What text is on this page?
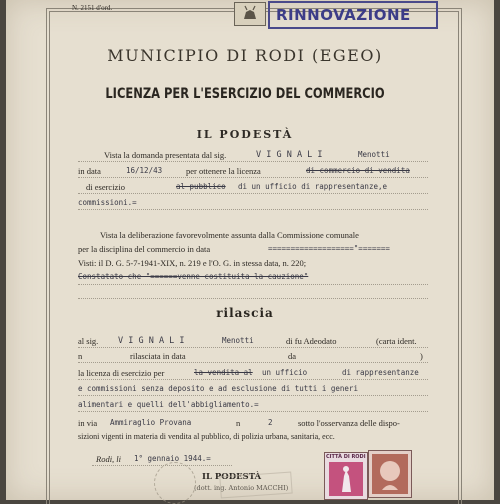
N. 2151 d'ord.	RINNOVAZIONE
MUNICIPIO DI RODI (EGEO)
LICENZA PER L'ESERCIZIO DEL COMMERCIO
IL PODESTÀ
Vista la domanda presentata dal sig.	V I G N A L I	Menotti
in data	16/12/43	per ottenere la licenza	di commercio di vendita
di esercizio	al pubblico di un ufficio di rappresentanze,e
commissioni.=
Vista la deliberazione favorevolmente assunta dalla Commissione comunale
per la disciplina del commercio in data	==================="=======
Visti: il D. G. 5-7-1941-XIX, n. 219 e l'O. G. in stessa data, n. 220;
Constatato che "======venne costituita la cauzione"
rilascia
al sig. V I G N A L I	Menotti	di fu Adeodato	(carta ident.
n	rilasciata in data	da	)
la licenza di esercizio per	la vendita al un ufficio	di rappresentanze
e commissioni senza deposito e ad esclusione di tutti i generi
alimentari e quelli dell'abbigliamento.=
in via Ammiraglio Provana	n	2	sotto l'osservanza delle dispo-
sizioni vigenti in materia di vendita al pubblico, di polizia urbana, sanitaria, ecc.
Rodi, li 1° gennaio 1944.=
IL PODESTÀ
(dott. ing. Antonio MACCHI)
CITTÀ DI RODI
